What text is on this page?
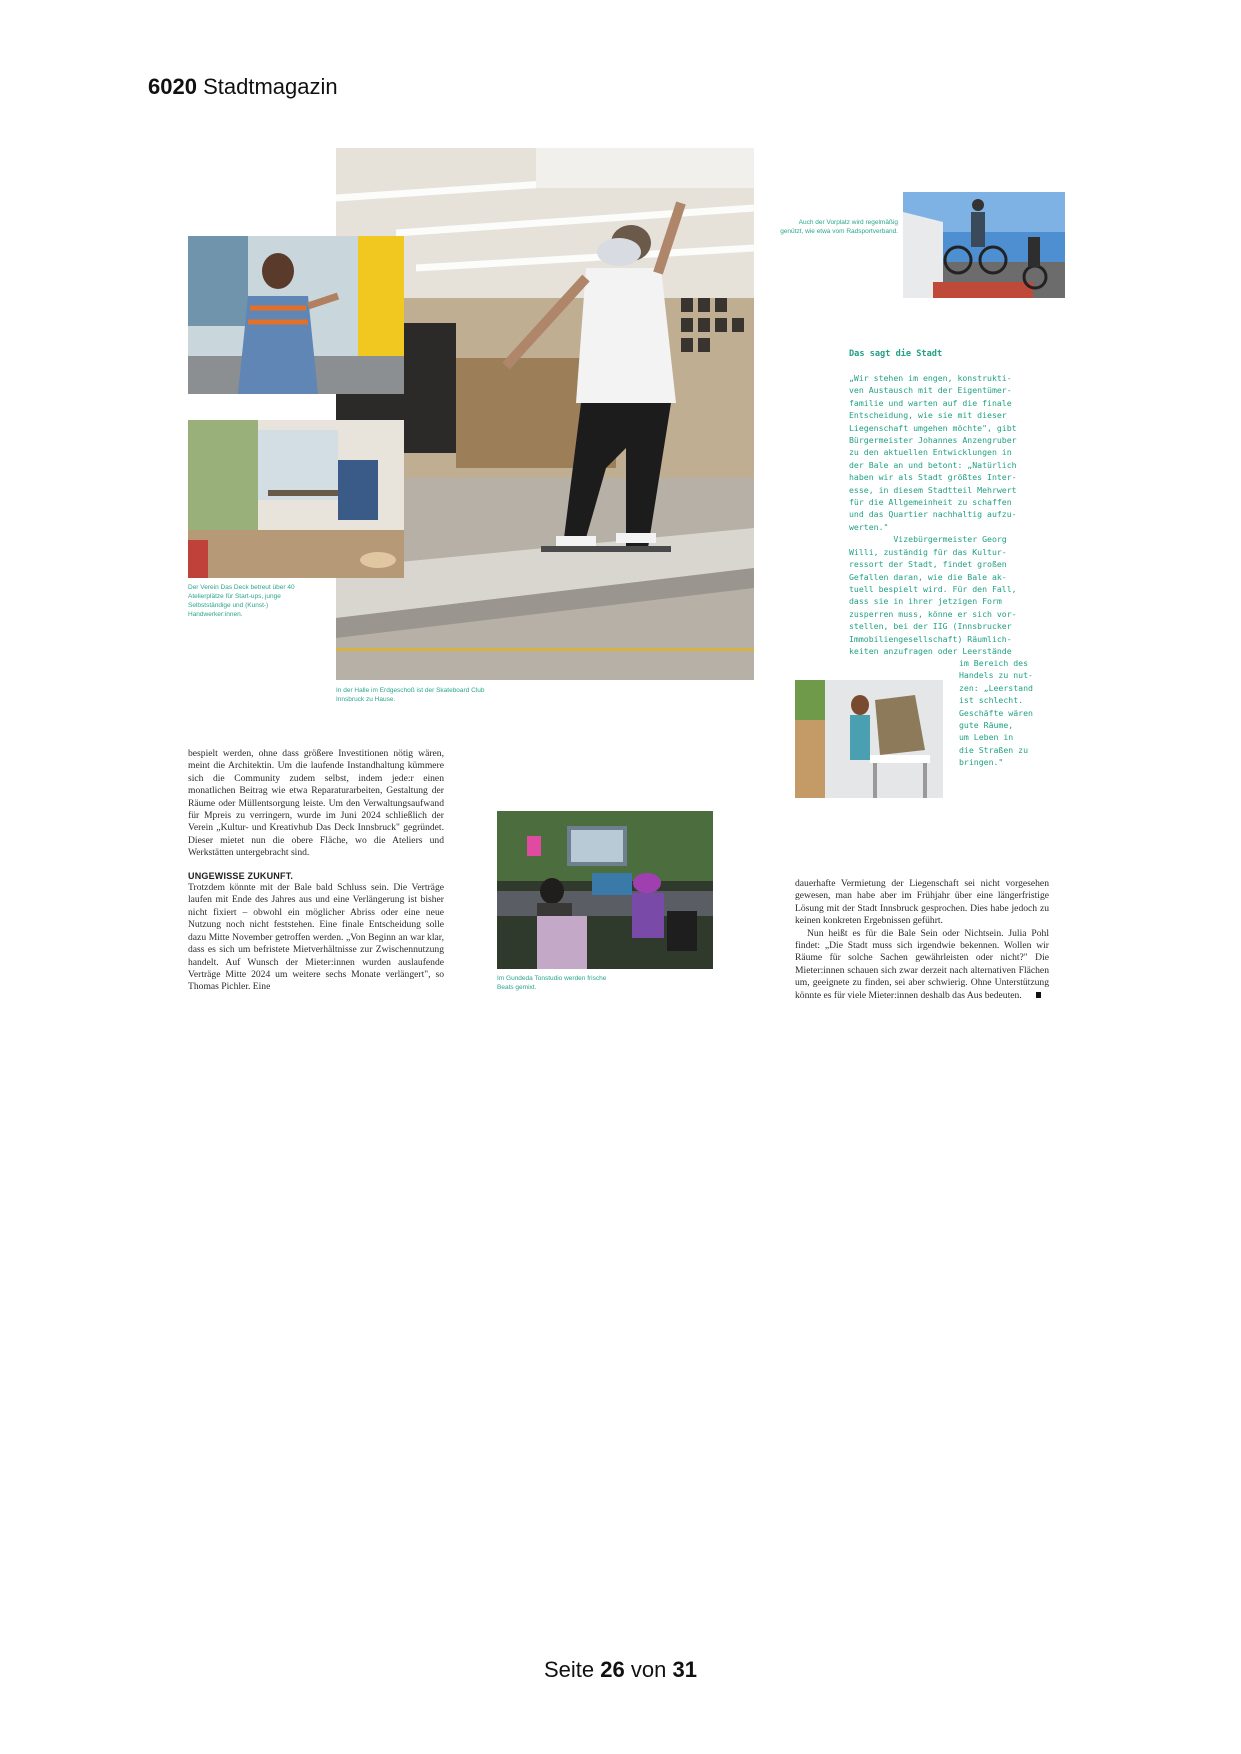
6020 Stadtmagazin
Der Verein Das Deck betreut über 40 Atelierplätze für Start-ups, junge Selbstständige und (Kunst-) Handwerker:innen.
In der Halle im Erdgeschoß ist der Skateboard Club Innsbruck zu Hause.
Auch der Vorplatz wird regelmäßig genützt, wie etwa vom Radsportverband.
Das sagt die Stadt
„Wir stehen im engen, konstrukti-
ven Austausch mit der Eigentümer-
familie und warten auf die finale
Entscheidung, wie sie mit dieser
Liegenschaft umgehen möchte", gibt
Bürgermeister Johannes Anzengruber
zu den aktuellen Entwicklungen in
der Bale an und betont: „Natürlich
haben wir als Stadt größtes Inter-
esse, in diesem Stadtteil Mehrwert
für die Allgemeinheit zu schaffen
und das Quartier nachhaltig aufzu-
werten."
Vizebürgermeister Georg
Willi, zuständig für das Kultur-
ressort der Stadt, findet großen
Gefallen daran, wie die Bale ak-
tuell bespielt wird. Für den Fall,
dass sie in ihrer jetzigen Form
zusperren muss, könne er sich vor-
stellen, bei der IIG (Innsbrucker
Immobiliengesellschaft) Räumlich-
keiten anzufragen oder Leerstände
im Bereich des
Handels zu nut-
zen: „Leerstand
ist schlecht.
Geschäfte wären
gute Räume,
um Leben in
die Straßen zu
bringen."

bespielt werden, ohne dass größere Investitionen nötig wären, meint die Architektin. Um die laufende Instandhaltung kümmere sich die Community zudem selbst, indem jede:r einen monatlichen Beitrag wie etwa Reparaturarbeiten, Gestaltung der Räume oder Müllentsorgung leiste. Um den Verwaltungsaufwand für Mpreis zu verringern, wurde im Juni 2024 schließlich der Verein „Kultur- und Kreativhub Das Deck Innsbruck" gegründet. Dieser mietet nun die obere Fläche, wo die Ateliers und Werkstätten untergebracht sind.

UNGEWISSE ZUKUNFT.

Trotzdem könnte mit der Bale bald Schluss sein. Die Verträge laufen mit Ende des Jahres aus und eine Verlängerung ist bisher nicht fixiert – obwohl ein möglicher Abriss oder eine neue Nutzung noch nicht feststehen. Eine finale Entscheidung solle dazu Mitte November getroffen werden. „Von Beginn an war klar, dass es sich um befristete Mietverhältnisse zur Zwischennutzung handelt. Auf Wunsch der Mieter:innen wurden auslaufende Verträge Mitte 2024 um weitere sechs Monate verlängert", so Thomas Pichler. Eine

Im Gundeda Tonstudio werden frische Beats gemixt.

dauerhafte Vermietung der Liegenschaft sei nicht vorgesehen gewesen, man habe aber im Frühjahr über eine längerfristige Lösung mit der Stadt Innsbruck gesprochen. Dies habe jedoch zu keinen konkreten Ergebnissen geführt.

Nun heißt es für die Bale Sein oder Nichtsein. Julia Pohl findet: „Die Stadt muss sich irgendwie bekennen. Wollen wir Räume für solche Sachen gewährleisten oder nicht?" Die Mieter:innen schauen sich zwar derzeit nach alternativen Flächen um, geeignete zu finden, sei aber schwierig. Ohne Unterstützung könnte es für viele Mieter:innen deshalb das Aus bedeuten.

Seite 26 von 31
